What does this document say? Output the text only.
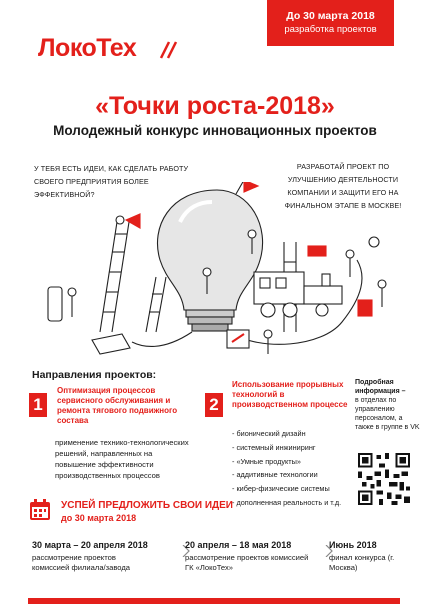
До 30 марта 2018
разработка проектов
ЛокоТех
«Точки роста-2018»
Молодежный конкурс инновационных проектов
У ТЕБЯ ЕСТЬ ИДЕИ, КАК СДЕЛАТЬ РАБОТУ СВОЕГО ПРЕДПРИЯТИЯ БОЛЕЕ ЭФФЕКТИВНОЙ?
РАЗРАБОТАЙ ПРОЕКТ ПО УЛУЧШЕНИЮ ДЕЯТЕЛЬНОСТИ КОМПАНИИ И ЗАЩИТИ ЕГО НА ФИНАЛЬНОМ ЭТАПЕ В МОСКВЕ!
Направления проектов:
1
Оптимизация процессов сервисного обслуживания и ремонта тягового подвижного состава
применение технико-технологических решений, направленных на повышение эффективности производственных процессов
2
Использование прорывных технологий в производственном процессе
- бионический дизайн
- системный инжиниринг
- «Умные продукты»
- аддитивные технологии
- кибер-физические системы
- дополненная реальность и т.д.
Подробная информация –
в отделах по управлению персоналом, а также в группе в VK
УСПЕЙ ПРЕДЛОЖИТЬ СВОИ ИДЕИ
до 30 марта 2018
30 марта – 20 апреля 2018
рассмотрение проектов комиссией филиала/завода
20 апреля – 18 мая 2018
рассмотрение проектов комиссией ГК «ЛокоТех»
Июнь 2018
финал конкурса (г. Москва)
